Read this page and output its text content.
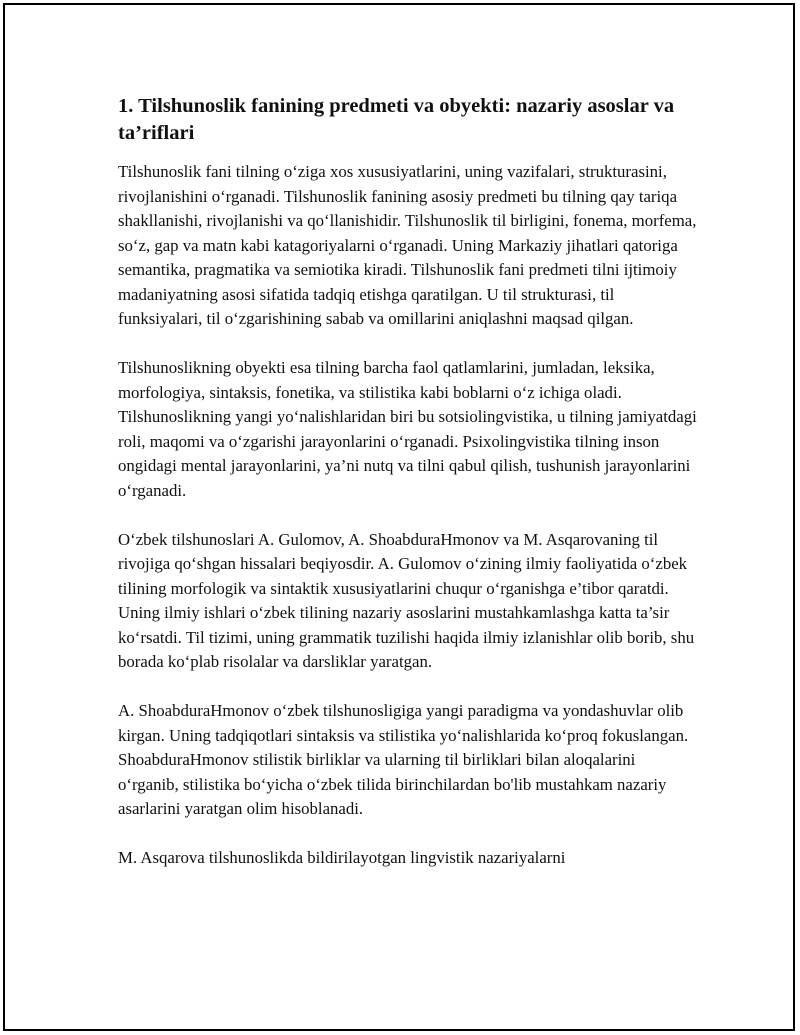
1. Tilshunoslik fanining predmeti va obyekti: nazariy asoslar va ta’riflari

Tilshunoslik fani tilning o‘ziga xos xususiyatlarini, uning vazifalari, strukturasini, rivojlanishini o‘rganadi. Tilshunoslik fanining asosiy predmeti bu tilning qay tariqa shakllanishi, rivojlanishi va qo‘llanishidir. Tilshunoslik til birligini, fonema, morfema, so‘z, gap va matn kabi katagoriyalarni o‘rganadi. Uning Markaziy jihatlari qatoriga semantika, pragmatika va semiotika kiradi. Tilshunoslik fani predmeti tilni ijtimoiy madaniyatning asosi sifatida tadqiq etishga qaratilgan. U til strukturasi, til funksiyalari, til o‘zgarishining sabab va omillarini aniqlashni maqsad qilgan.

Tilshunoslikning obyekti esa tilning barcha faol qatlamlarini, jumladan, leksika, morfologiya, sintaksis, fonetika, va stilistika kabi boblarni o‘z ichiga oladi. Tilshunoslikning yangi yo‘nalishlaridan biri bu sotsiolingvistika, u tilning jamiyatdagi roli, maqomi va o‘zgarishi jarayonlarini o‘rganadi. Psixolingvistika tilning inson ongidagi mental jarayonlarini, ya’ni nutq va tilni qabul qilish, tushunish jarayonlarini o‘rganadi.

O‘zbek tilshunoslari A. Gulomov, A. ShoabduraHmonov va M. Asqarovaning til rivojiga qo‘shgan hissalari beqiyosdir. A. Gulomov o‘zining ilmiy faoliyatida o‘zbek tilining morfologik va sintaktik xususiyatlarini chuqur o‘rganishga e’tibor qaratdi. Uning ilmiy ishlari o‘zbek tilining nazariy asoslarini mustahkamlashga katta ta’sir ko‘rsatdi. Til tizimi, uning grammatik tuzilishi haqida ilmiy izlanishlar olib borib, shu borada ko‘plab risolalar va darsliklar yaratgan.

A. ShoabduraHmonov o‘zbek tilshunosligiga yangi paradigma va yondashuvlar olib kirgan. Uning tadqiqotlari sintaksis va stilistika yo‘nalishlarida ko‘proq fokuslangan. ShoabduraHmonov stilistik birliklar va ularning til birliklari bilan aloqalarini o‘rganib, stilistika bo‘yicha o‘zbek tilida birinchilardan bo'lib mustahkam nazariy asarlarini yaratgan olim hisoblanadi.

M. Asqarova tilshunoslikda bildirilayotgan lingvistik nazariyalarni
